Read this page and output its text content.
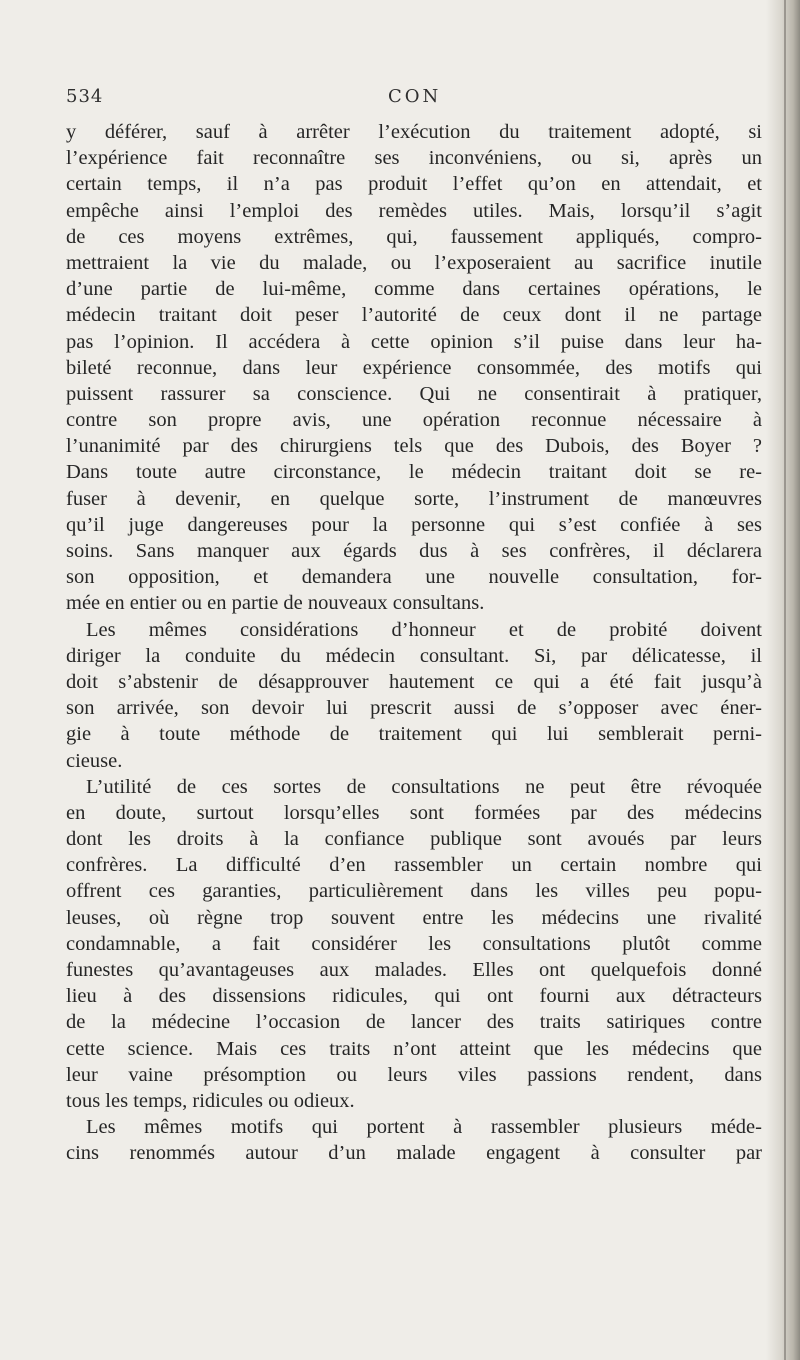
534	CON
y déférer, sauf à arrêter l’exécution du traitement adopté, si
l’expérience fait reconnaître ses inconvéniens, ou si, après un
certain temps, il n’a pas produit l’effet qu’on en attendait, et
empêche ainsi l’emploi des remèdes utiles. Mais, lorsqu’il s’agit
de ces moyens extrêmes, qui, faussement appliqués, compro-
mettraient la vie du malade, ou l’exposeraient au sacrifice inutile
d’une partie de lui-même, comme dans certaines opérations, le
médecin traitant doit peser l’autorité de ceux dont il ne partage
pas l’opinion. Il accédera à cette opinion s’il puise dans leur ha-
bileté reconnue, dans leur expérience consommée, des motifs qui
puissent rassurer sa conscience. Qui ne consentirait à pratiquer,
contre son propre avis, une opération reconnue nécessaire à
l’unanimité par des chirurgiens tels que des Dubois, des Boyer ?
Dans toute autre circonstance, le médecin traitant doit se re-
fuser à devenir, en quelque sorte, l’instrument de manœuvres
qu’il juge dangereuses pour la personne qui s’est confiée à ses
soins. Sans manquer aux égards dus à ses confrères, il déclarera
son opposition, et demandera une nouvelle consultation, for-
mée en entier ou en partie de nouveaux consultans.
Les mêmes considérations d’honneur et de probité doivent
diriger la conduite du médecin consultant. Si, par délicatesse, il
doit s’abstenir de désapprouver hautement ce qui a été fait jusqu’à
son arrivée, son devoir lui prescrit aussi de s’opposer avec éner-
gie à toute méthode de traitement qui lui semblerait perni-
cieuse.
L’utilité de ces sortes de consultations ne peut être révoquée
en doute, surtout lorsqu’elles sont formées par des médecins
dont les droits à la confiance publique sont avoués par leurs
confrères. La difficulté d’en rassembler un certain nombre qui
offrent ces garanties, particulièrement dans les villes peu popu-
leuses, où règne trop souvent entre les médecins une rivalité
condamnable, a fait considérer les consultations plutôt comme
funestes qu’avantageuses aux malades. Elles ont quelquefois donné
lieu à des dissensions ridicules, qui ont fourni aux détracteurs
de la médecine l’occasion de lancer des traits satiriques contre
cette science. Mais ces traits n’ont atteint que les médecins que
leur vaine présomption ou leurs viles passions rendent, dans
tous les temps, ridicules ou odieux.
Les mêmes motifs qui portent à rassembler plusieurs méde-
cins renommés autour d’un malade engagent à consulter par
